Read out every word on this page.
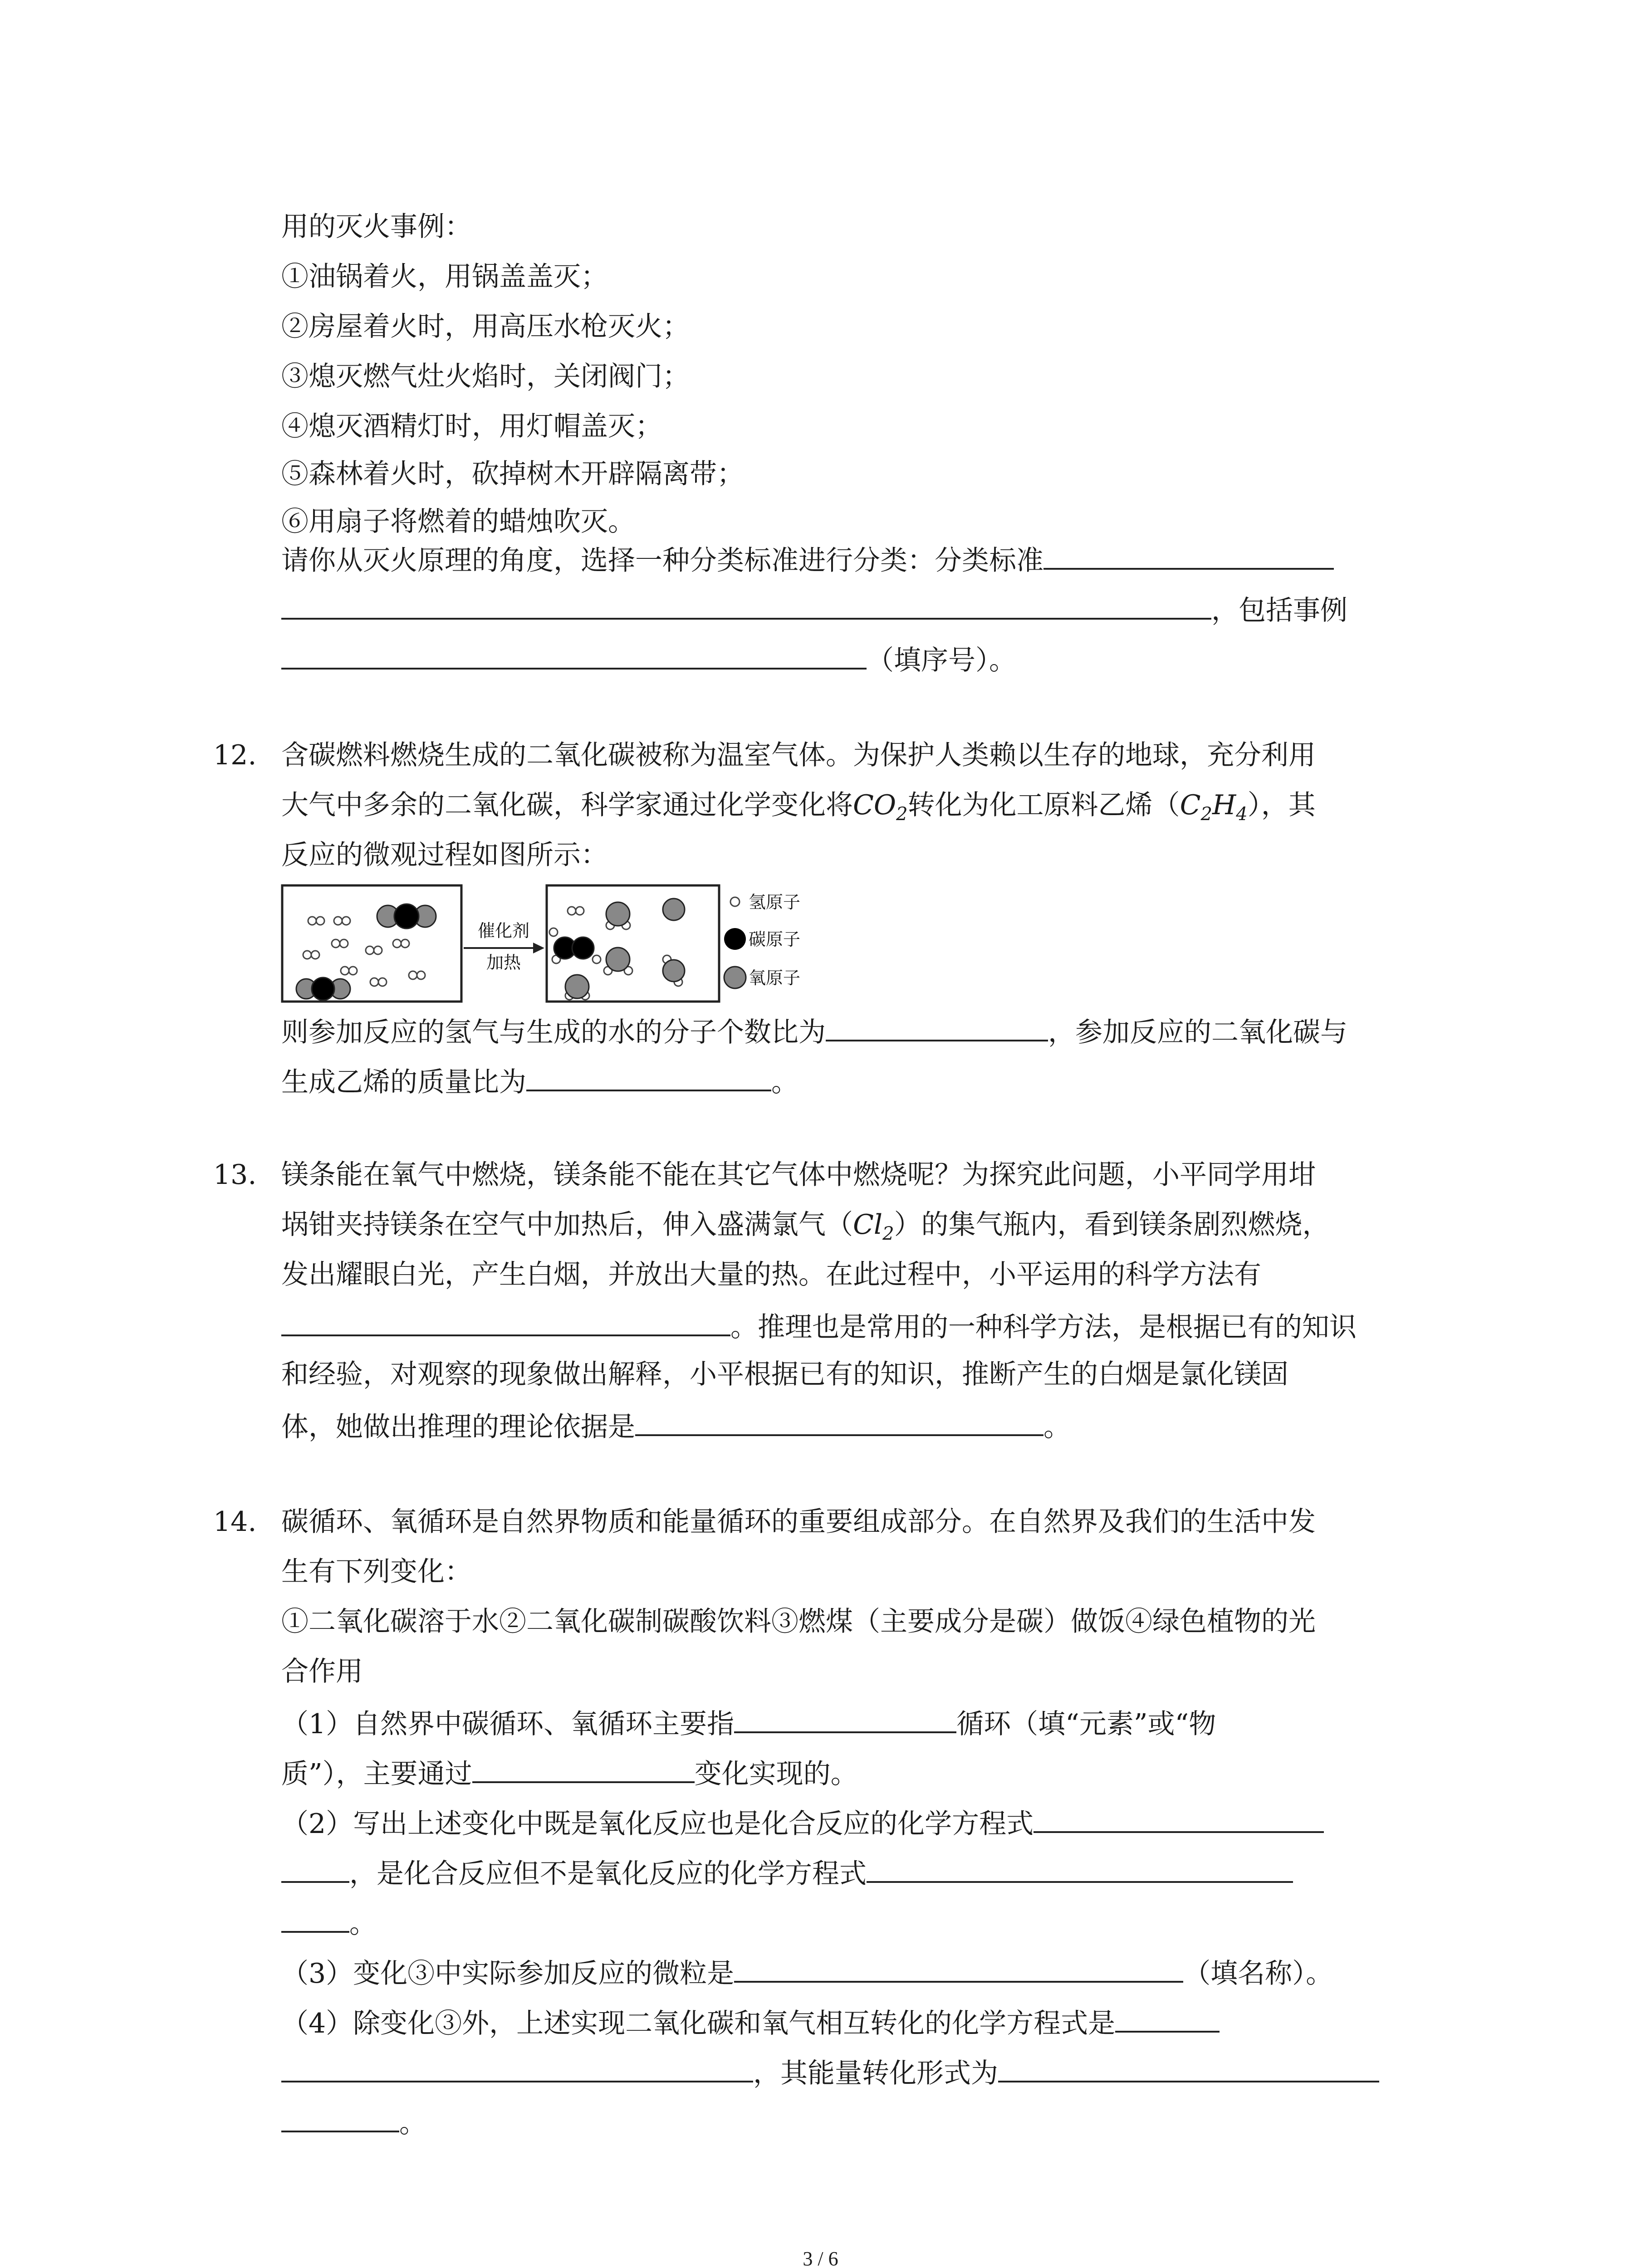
用的灭火事例：
①油锅着火，用锅盖盖灭；
②房屋着火时，用高压水枪灭火；
③熄灭燃气灶火焰时，关闭阀门；
④熄灭酒精灯时，用灯帽盖灭；
⑤森林着火时，砍掉树木开辟隔离带；
⑥用扇子将燃着的蜡烛吹灭。
请你从灭火原理的角度，选择一种分类标准进行分类：分类标准
，包括事例
（填序号）。
12. 含碳燃料燃烧生成的二氧化碳被称为温室气体。为保护人类赖以生存的地球，充分利用
大气中多余的二氧化碳，科学家通过化学变化将$CO_2$转化为化工原料乙烯$(C_2H_4)$，其
反应的微观过程如图所示：
催化剂
加热
氢原子
碳原子
氧原子
则参加反应的氢气与生成的水的分子个数比为	，参加反应的二氧化碳与
生成乙烯的质量比为	。
13. 镁条能在氧气中燃烧，镁条能不能在其它气体中燃烧呢？为探究此问题，小平同学用坩
埚钳夹持镁条在空气中加热后，伸入盛满氯气$(Cl_2)$的集气瓶内，看到镁条剧烈燃烧，
发出耀眼白光，产生白烟，并放出大量的热。在此过程中，小平运用的科学方法有
。推理也是常用的一种科学方法，是根据已有的知识
和经验，对观察的现象做出解释，小平根据已有的知识，推断产生的白烟是氯化镁固
体，她做出推理的理论依据是	。
14. 碳循环、氧循环是自然界物质和能量循环的重要组成部分。在自然界及我们的生活中发
生有下列变化：
①二氧化碳溶于水②二氧化碳制碳酸饮料③燃煤（主要成分是碳）做饭④绿色植物的光
合作用
（1）自然界中碳循环、氧循环主要指	循环（填“元素”或“物
质”），主要通过	变化实现的。
（2）写出上述变化中既是氧化反应也是化合反应的化学方程式
，是化合反应但不是氧化反应的化学方程式
。
（3）变化③中实际参加反应的微粒是	（填名称）。
（4）除变化③外，上述实现二氧化碳和氧气相互转化的化学方程式是
，其能量转化形式为
。
3 / 6
